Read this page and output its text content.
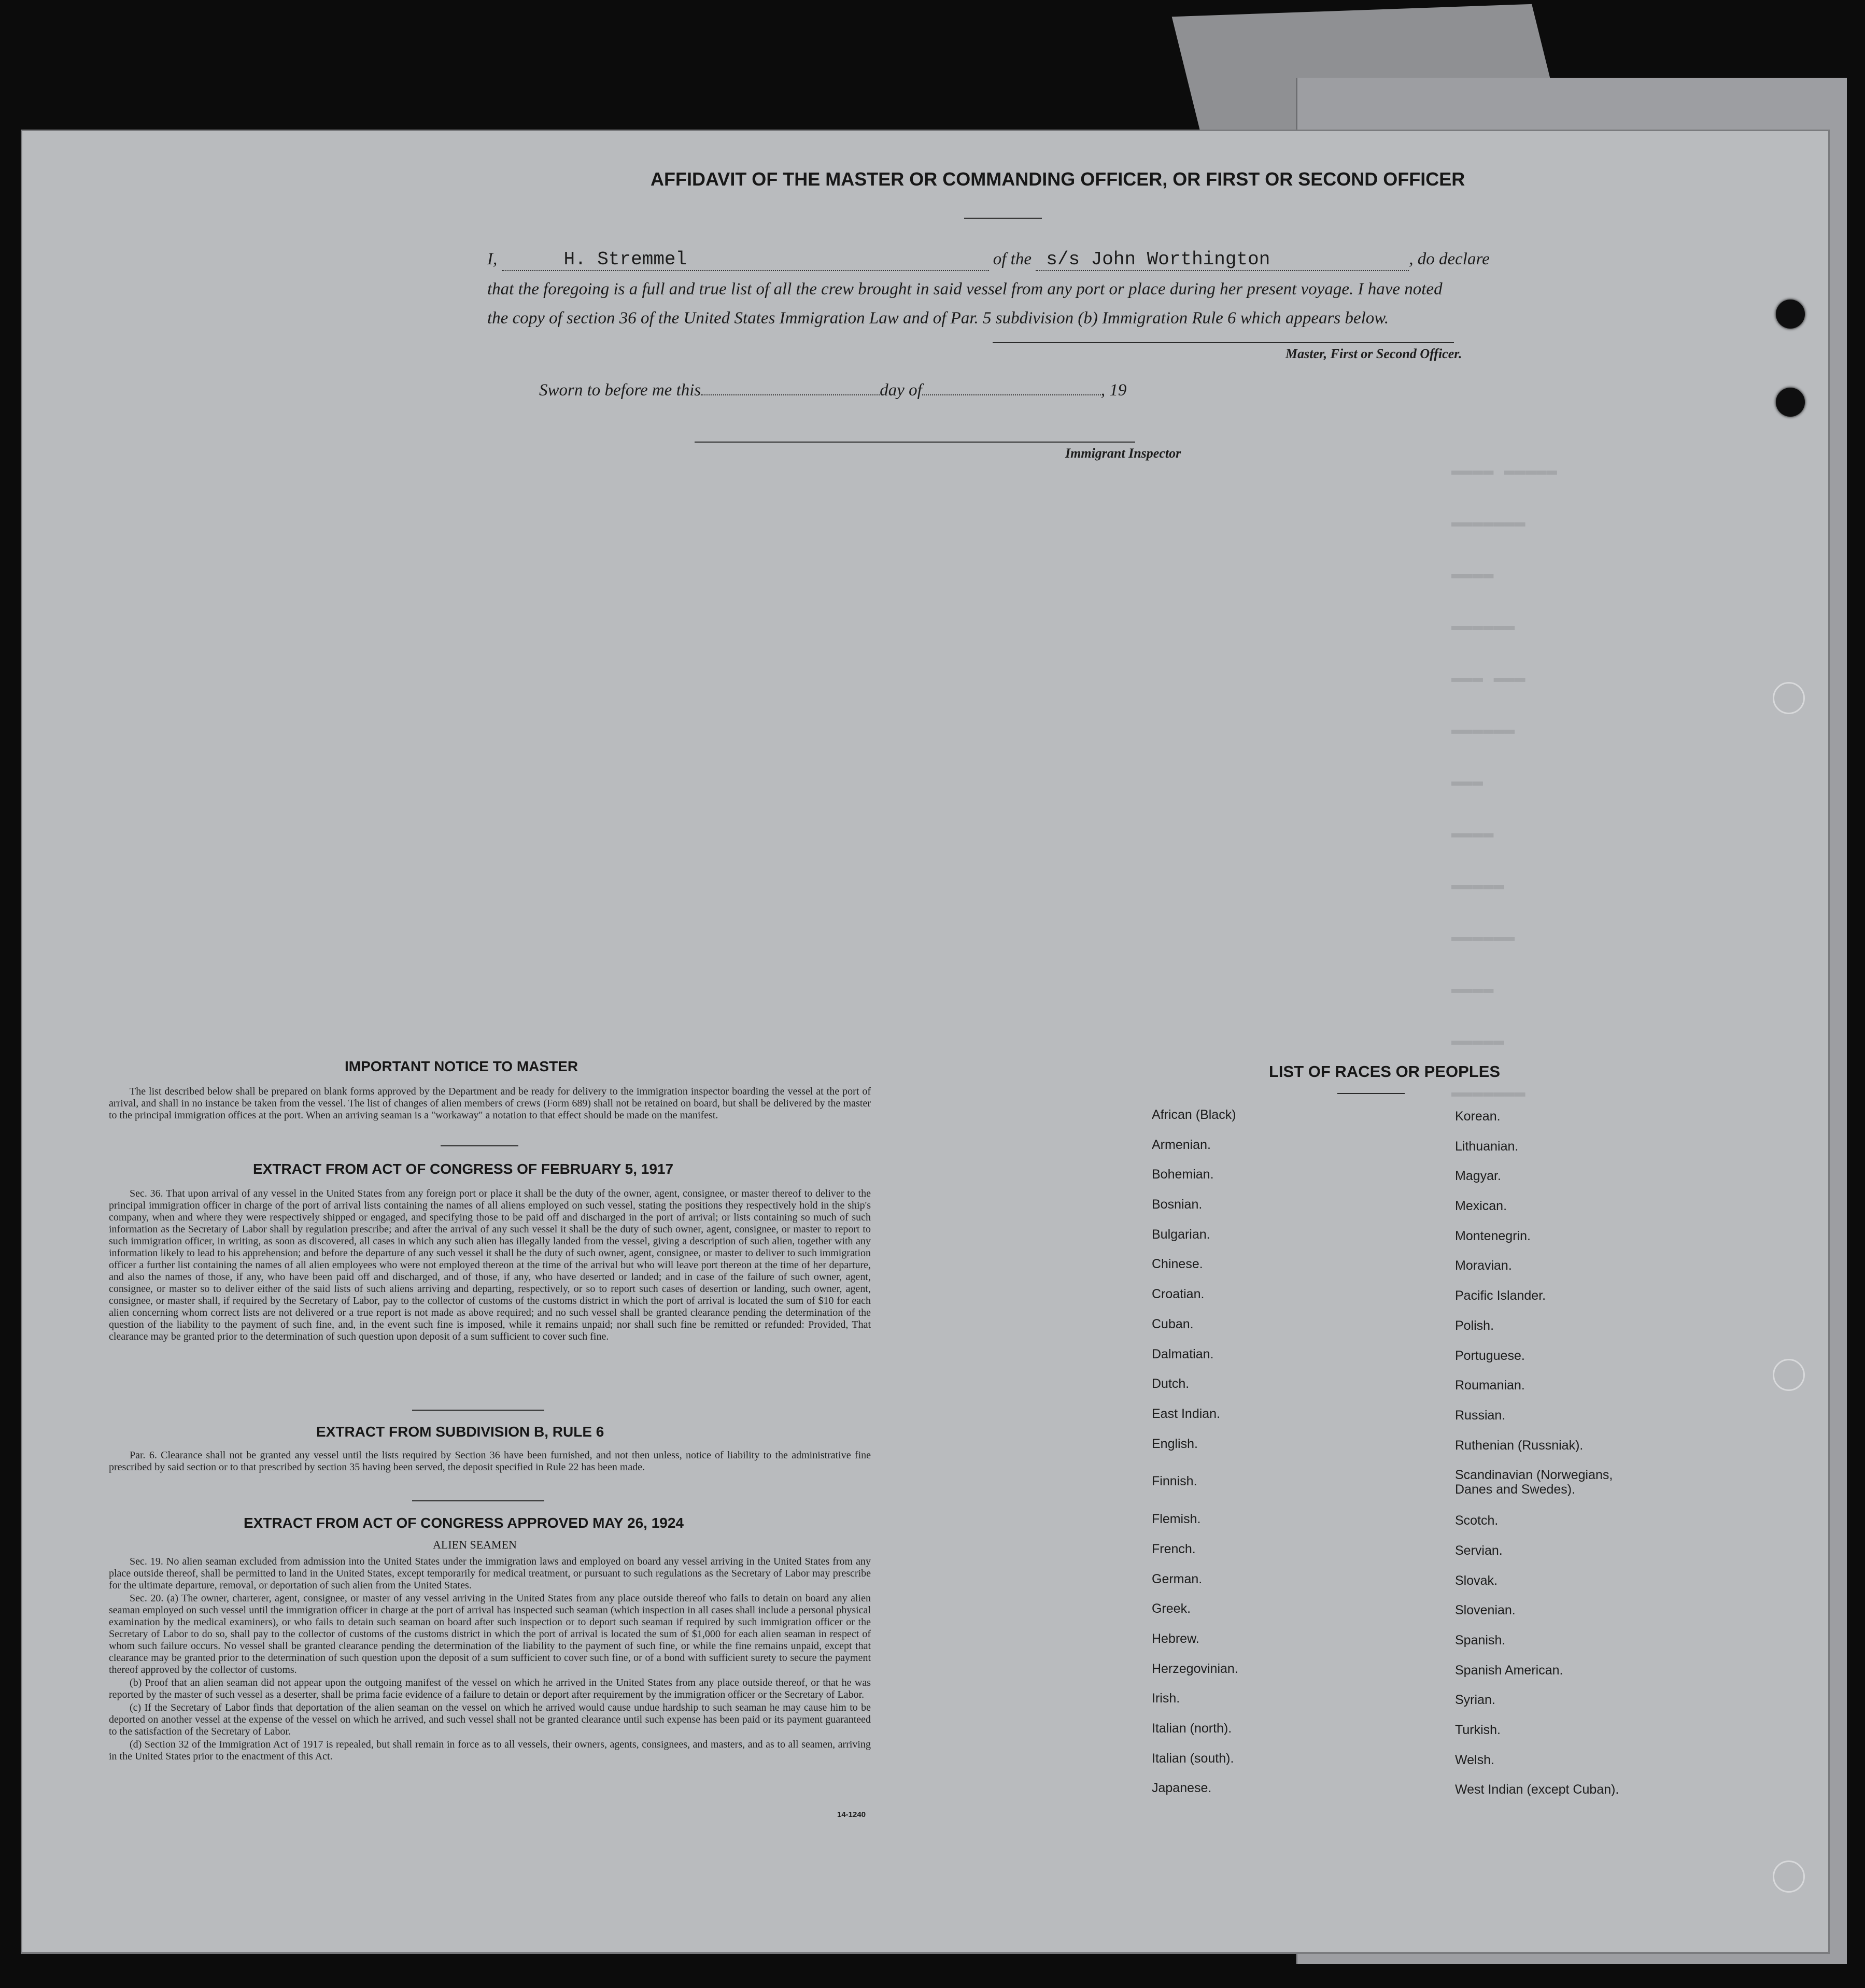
▬▬▬▬ ▬▬▬▬▬
▬▬▬▬▬▬▬
▬▬▬▬
▬▬▬▬▬▬
▬▬▬ ▬▬▬
▬▬▬▬▬▬
▬▬▬
▬▬▬▬
▬▬▬▬▬
▬▬▬▬▬▬
▬▬▬▬
▬▬▬▬▬
▬▬▬▬▬▬▬
AFFIDAVIT OF THE MASTER OR COMMANDING OFFICER, OR FIRST OR SECOND OFFICER
I,	H. Stremmel	of the s/s John Worthington	, do declare
that the foregoing is a full and true list of all the crew brought in said vessel from any port or place during her present voyage. I have noted
the copy of section 36 of the United States Immigration Law and of Par. 5 subdivision (b) Immigration Rule 6 which appears below.
Master, First or Second Officer.
Sworn to before me this	day of	, 19
Immigrant Inspector
IMPORTANT NOTICE TO MASTER

The list described below shall be prepared on blank forms approved by the Department and be ready for delivery to the immigration inspector boarding the vessel at the port of arrival, and shall in no instance be taken from the vessel. The list of changes of alien members of crews (Form 689) shall not be retained on board, but shall be delivered by the master to the principal immigration offices at the port. When an arriving seaman is a "workaway" a notation to that effect should be made on the manifest.

EXTRACT FROM ACT OF CONGRESS OF FEBRUARY 5, 1917

Sec. 36. That upon arrival of any vessel in the United States from any foreign port or place it shall be the duty of the owner, agent, consignee, or master thereof to deliver to the principal immigration officer in charge of the port of arrival lists containing the names of all aliens employed on such vessel, stating the positions they respectively hold in the ship's company, when and where they were respectively shipped or engaged, and specifying those to be paid off and discharged in the port of arrival; or lists containing so much of such information as the Secretary of Labor shall by regulation prescribe; and after the arrival of any such vessel it shall be the duty of such owner, agent, consignee, or master to report to such immigration officer, in writing, as soon as discovered, all cases in which any such alien has illegally landed from the vessel, giving a description of such alien, together with any information likely to lead to his apprehension; and before the departure of any such vessel it shall be the duty of such owner, agent, consignee, or master to deliver to such immigration officer a further list containing the names of all alien employees who were not employed thereon at the time of the arrival but who will leave port thereon at the time of her departure, and also the names of those, if any, who have been paid off and discharged, and of those, if any, who have deserted or landed; and in case of the failure of such owner, agent, consignee, or master so to deliver either of the said lists of such aliens arriving and departing, respectively, or so to report such cases of desertion or landing, such owner, agent, consignee, or master shall, if required by the Secretary of Labor, pay to the collector of customs of the customs district in which the port of arrival is located the sum of $10 for each alien concerning whom correct lists are not delivered or a true report is not made as above required; and no such vessel shall be granted clearance pending the determination of the question of the liability to the payment of such fine, and, in the event such fine is imposed, while it remains unpaid; nor shall such fine be remitted or refunded: Provided, That clearance may be granted prior to the determination of such question upon deposit of a sum sufficient to cover such fine.

EXTRACT FROM SUBDIVISION B, RULE 6

Par. 6. Clearance shall not be granted any vessel until the lists required by Section 36 have been furnished, and not then unless, notice of liability to the administrative fine prescribed by said section or to that prescribed by section 35 having been served, the deposit specified in Rule 22 has been made.

EXTRACT FROM ACT OF CONGRESS APPROVED MAY 26, 1924
ALIEN SEAMEN

Sec. 19. No alien seaman excluded from admission into the United States under the immigration laws and employed on board any vessel arriving in the United States from any place outside thereof, shall be permitted to land in the United States, except temporarily for medical treatment, or pursuant to such regulations as the Secretary of Labor may prescribe for the ultimate departure, removal, or deportation of such alien from the United States.

Sec. 20. (a) The owner, charterer, agent, consignee, or master of any vessel arriving in the United States from any place outside thereof who fails to detain on board any alien seaman employed on such vessel until the immigration officer in charge at the port of arrival has inspected such seaman (which inspection in all cases shall include a personal physical examination by the medical examiners), or who fails to detain such seaman on board after such inspection or to deport such seaman if required by such immigration officer or the Secretary of Labor to do so, shall pay to the collector of customs of the customs district in which the port of arrival is located the sum of $1,000 for each alien seaman in respect of whom such failure occurs. No vessel shall be granted clearance pending the determination of the liability to the payment of such fine, or while the fine remains unpaid, except that clearance may be granted prior to the determination of such question upon the deposit of a sum sufficient to cover such fine, or of a bond with sufficient surety to secure the payment thereof approved by the collector of customs.

(b) Proof that an alien seaman did not appear upon the outgoing manifest of the vessel on which he arrived in the United States from any place outside thereof, or that he was reported by the master of such vessel as a deserter, shall be prima facie evidence of a failure to detain or deport after requirement by the immigration officer or the Secretary of Labor.

(c) If the Secretary of Labor finds that deportation of the alien seaman on the vessel on which he arrived would cause undue hardship to such seaman he may cause him to be deported on another vessel at the expense of the vessel on which he arrived, and such vessel shall not be granted clearance until such expense has been paid or its payment guaranteed to the satisfaction of the Secretary of Labor.

(d) Section 32 of the Immigration Act of 1917 is repealed, but shall remain in force as to all vessels, their owners, agents, consignees, and masters, and as to all seamen, arriving in the United States prior to the enactment of this Act.

14-1240
LIST OF RACES OR PEOPLES
African (Black)
Armenian.
Bohemian.
Bosnian.
Bulgarian.
Chinese.
Croatian.
Cuban.
Dalmatian.
Dutch.
East Indian.
English.
Finnish.
Flemish.
French.
German.
Greek.
Hebrew.
Herzegovinian.
Irish.
Italian (north).
Italian (south).
Japanese.
Korean.
Lithuanian.
Magyar.
Mexican.
Montenegrin.
Moravian.
Pacific Islander.
Polish.
Portuguese.
Roumanian.
Russian.
Ruthenian (Russniak).
Scandinavian (Norwegians, Danes and Swedes).
Scotch.
Servian.
Slovak.
Slovenian.
Spanish.
Spanish American.
Syrian.
Turkish.
Welsh.
West Indian (except Cuban).
